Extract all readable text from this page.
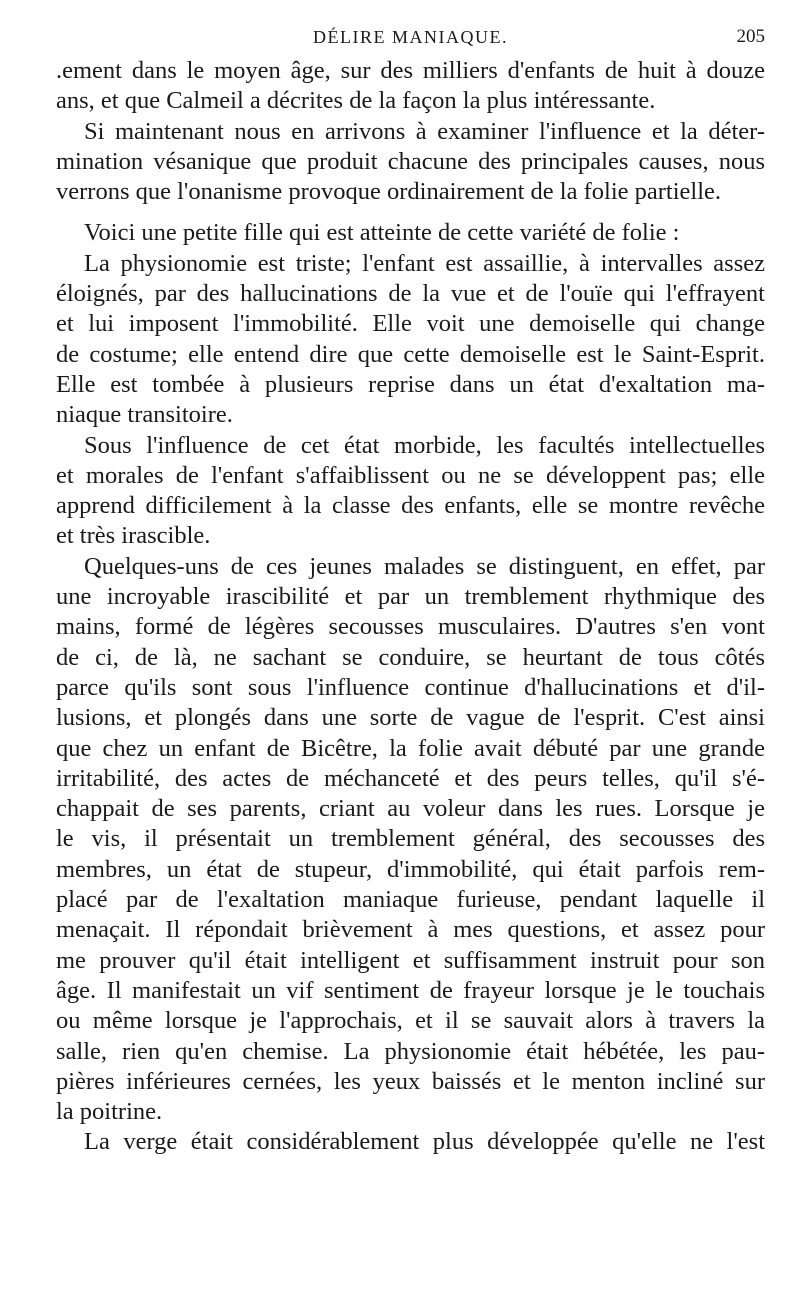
DÉLIRE MANIAQUE.	205
.ement dans le moyen âge, sur des milliers d'enfants de huit à douze
ans, et que Calmeil a décrites de la façon la plus intéressante.
Si maintenant nous en arrivons à examiner l'influence et la déter-
mination vésanique que produit chacune des principales causes, nous
verrons que l'onanisme provoque ordinairement de la folie partielle.
Voici une petite fille qui est atteinte de cette variété de folie :
La physionomie est triste; l'enfant est assaillie, à intervalles assez
éloignés, par des hallucinations de la vue et de l'ouïe qui l'effrayent
et lui imposent l'immobilité. Elle voit une demoiselle qui change
de costume; elle entend dire que cette demoiselle est le Saint-Esprit.
Elle est tombée à plusieurs reprise dans un état d'exaltation ma-
niaque transitoire.
Sous l'influence de cet état morbide, les facultés intellectuelles
et morales de l'enfant s'affaiblissent ou ne se développent pas; elle
apprend difficilement à la classe des enfants, elle se montre revêche
et très irascible.
Quelques-uns de ces jeunes malades se distinguent, en effet, par
une incroyable irascibilité et par un tremblement rhythmique des
mains, formé de légères secousses musculaires. D'autres s'en vont
de ci, de là, ne sachant se conduire, se heurtant de tous côtés
parce qu'ils sont sous l'influence continue d'hallucinations et d'il-
lusions, et plongés dans une sorte de vague de l'esprit. C'est ainsi
que chez un enfant de Bicêtre, la folie avait débuté par une grande
irritabilité, des actes de méchanceté et des peurs telles, qu'il s'é-
chappait de ses parents, criant au voleur dans les rues. Lorsque je
le vis, il présentait un tremblement général, des secousses des
membres, un état de stupeur, d'immobilité, qui était parfois rem-
placé par de l'exaltation maniaque furieuse, pendant laquelle il
menaçait. Il répondait brièvement à mes questions, et assez pour
me prouver qu'il était intelligent et suffisamment instruit pour son
âge. Il manifestait un vif sentiment de frayeur lorsque je le touchais
ou même lorsque je l'approchais, et il se sauvait alors à travers la
salle, rien qu'en chemise. La physionomie était hébétée, les pau-
pières inférieures cernées, les yeux baissés et le menton incliné sur
la poitrine.
La verge était considérablement plus développée qu'elle ne l'est
